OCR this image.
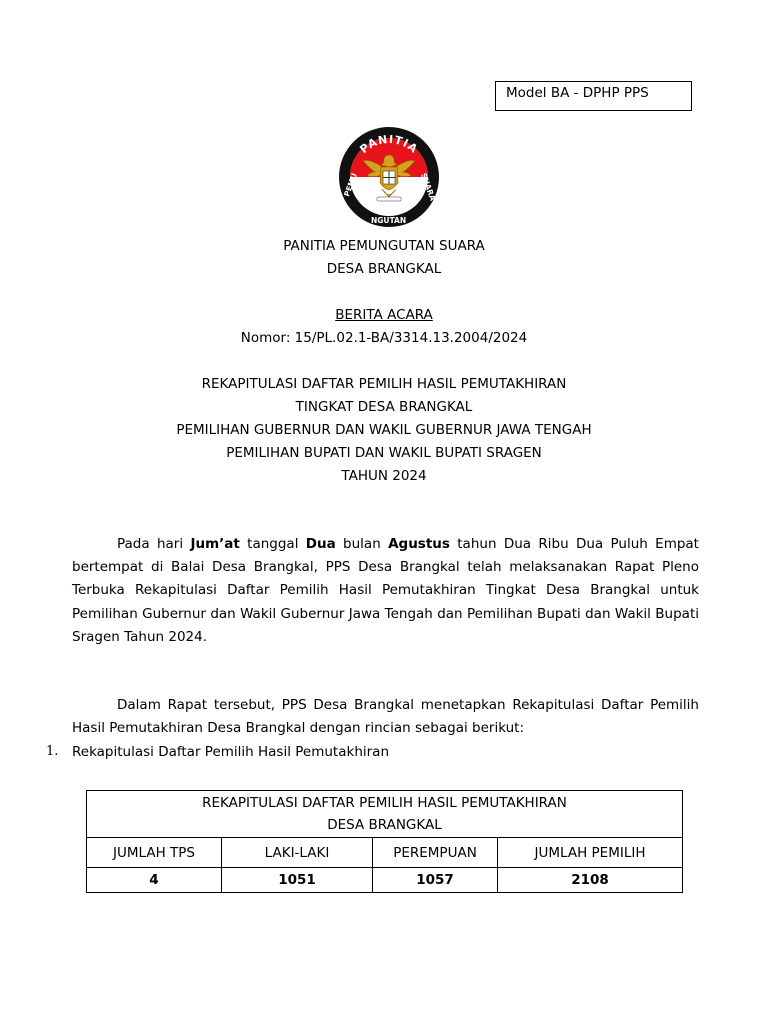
Model BA - DPHP PPS
PANITIA
PEMU
NGUTAN
SUARA
PANITIA PEMUNGUTAN SUARA
DESA BRANGKAL
BERITA ACARA
Nomor: 15/PL.02.1-BA/3314.13.2004/2024
REKAPITULASI DAFTAR PEMILIH HASIL PEMUTAKHIRAN
TINGKAT DESA BRANGKAL
PEMILIHAN GUBERNUR DAN WAKIL GUBERNUR JAWA TENGAH
PEMILIHAN BUPATI DAN WAKIL BUPATI SRAGEN
TAHUN 2024
Pada hari Jum’at tanggal Dua bulan Agustus tahun Dua Ribu Dua Puluh Empat bertempat di Balai Desa Brangkal, PPS Desa Brangkal telah melaksanakan Rapat Pleno Terbuka Rekapitulasi Daftar Pemilih Hasil Pemutakhiran Tingkat Desa Brangkal untuk Pemilihan Gubernur dan Wakil Gubernur Jawa Tengah dan Pemilihan Bupati dan Wakil Bupati Sragen Tahun 2024.
Dalam Rapat tersebut, PPS Desa Brangkal menetapkan Rekapitulasi Daftar Pemilih Hasil Pemutakhiran Desa Brangkal dengan rincian sebagai berikut:
1. Rekapitulasi Daftar Pemilih Hasil Pemutakhiran
REKAPITULASI DAFTAR PEMILIH HASIL PEMUTAKHIRAN
DESA BRANGKAL			

JUMLAH TPS	LAKI-LAKI	PEREMPUAN	JUMLAH PEMILIH
4	1051	1057	2108
